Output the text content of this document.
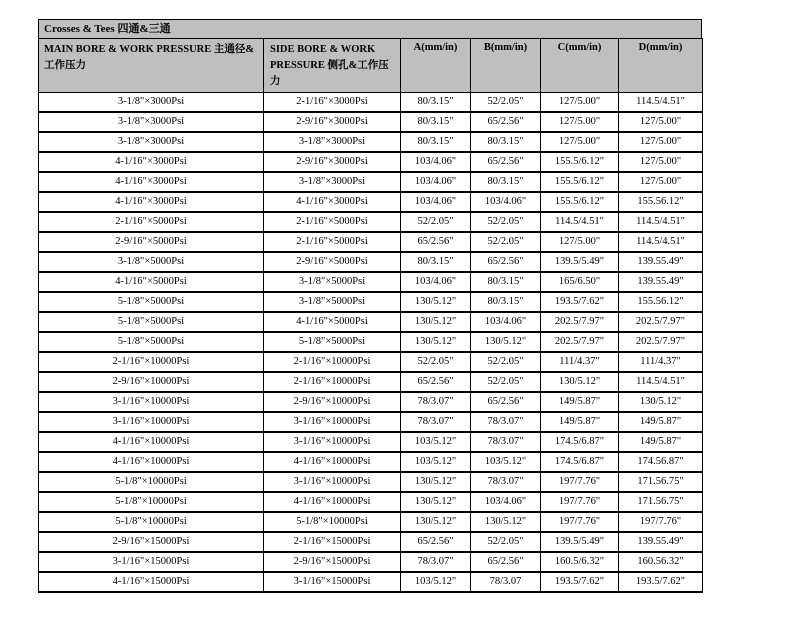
Crosses & Tees 四通&三通
MAIN BORE & WORK PRESSURE 主通径&工作压力	SIDE BORE & WORK PRESSURE 侧孔&工作压力	A(mm/in)	B(mm/in)	C(mm/in)	D(mm/in)
3-1/8"×3000Psi	2-1/16"×3000Psi	80/3.15"	52/2.05"	127/5.00"	114.5/4.51"
3-1/8"×3000Psi	2-9/16"×3000Psi	80/3.15"	65/2.56"	127/5.00"	127/5.00"
3-1/8"×3000Psi	3-1/8"×3000Psi	80/3.15"	80/3.15"	127/5.00"	127/5.00"
4-1/16"×3000Psi	2-9/16"×3000Psi	103/4.06"	65/2.56"	155.5/6.12"	127/5.00"
4-1/16"×3000Psi	3-1/8"×3000Psi	103/4.06"	80/3.15"	155.5/6.12"	127/5.00"
4-1/16"×3000Psi	4-1/16"×3000Psi	103/4.06"	103/4.06"	155.5/6.12"	155.56.12"
2-1/16"×5000Psi	2-1/16"×5000Psi	52/2.05"	52/2.05"	114.5/4.51"	114.5/4.51"
2-9/16"×5000Psi	2-1/16"×5000Psi	65/2.56"	52/2.05"	127/5.00"	114.5/4.51"
3-1/8"×5000Psi	2-9/16"×5000Psi	80/3.15"	65/2.56"	139.5/5.49"	139.55.49"
4-1/16"×5000Psi	3-1/8"×5000Psi	103/4.06"	80/3.15"	165/6.50"	139.55.49"
5-1/8"×5000Psi	3-1/8"×5000Psi	130/5.12"	80/3.15"	193.5/7.62"	155.56.12"
5-1/8"×5000Psi	4-1/16"×5000Psi	130/5.12"	103/4.06"	202.5/7.97"	202.5/7.97"
5-1/8"×5000Psi	5-1/8"×5000Psi	130/5.12"	130/5.12"	202.5/7.97"	202.5/7.97"
2-1/16"×10000Psi	2-1/16"×10000Psi	52/2.05"	52/2.05"	111/4.37"	111/4.37"
2-9/16"×10000Psi	2-1/16"×10000Psi	65/2.56"	52/2.05"	130/5.12"	114.5/4.51"
3-1/16"×10000Psi	2-9/16"×10000Psi	78/3.07"	65/2.56"	149/5.87"	130/5.12"
3-1/16"×10000Psi	3-1/16"×10000Psi	78/3.07"	78/3.07"	149/5.87"	149/5.87"
4-1/16"×10000Psi	3-1/16"×10000Psi	103/5.12"	78/3.07"	174.5/6.87"	149/5.87"
4-1/16"×10000Psi	4-1/16"×10000Psi	103/5.12"	103/5.12"	174.5/6.87"	174.56.87"
5-1/8"×10000Psi	3-1/16"×10000Psi	130/5.12"	78/3.07"	197/7.76"	171.56.75"
5-1/8"×10000Psi	4-1/16"×10000Psi	130/5.12"	103/4.06"	197/7.76"	171.56.75"
5-1/8"×10000Psi	5-1/8"×10000Psi	130/5.12"	130/5.12"	197/7.76"	197/7.76"
2-9/16"×15000Psi	2-1/16"×15000Psi	65/2.56"	52/2.05"	139.5/5.49"	139.55.49"
3-1/16"×15000Psi	2-9/16"×15000Psi	78/3.07"	65/2.56"	160.5/6.32"	160.56.32"
4-1/16"×15000Psi	3-1/16"×15000Psi	103/5.12"	78/3.07	193.5/7.62"	193.5/7.62"
